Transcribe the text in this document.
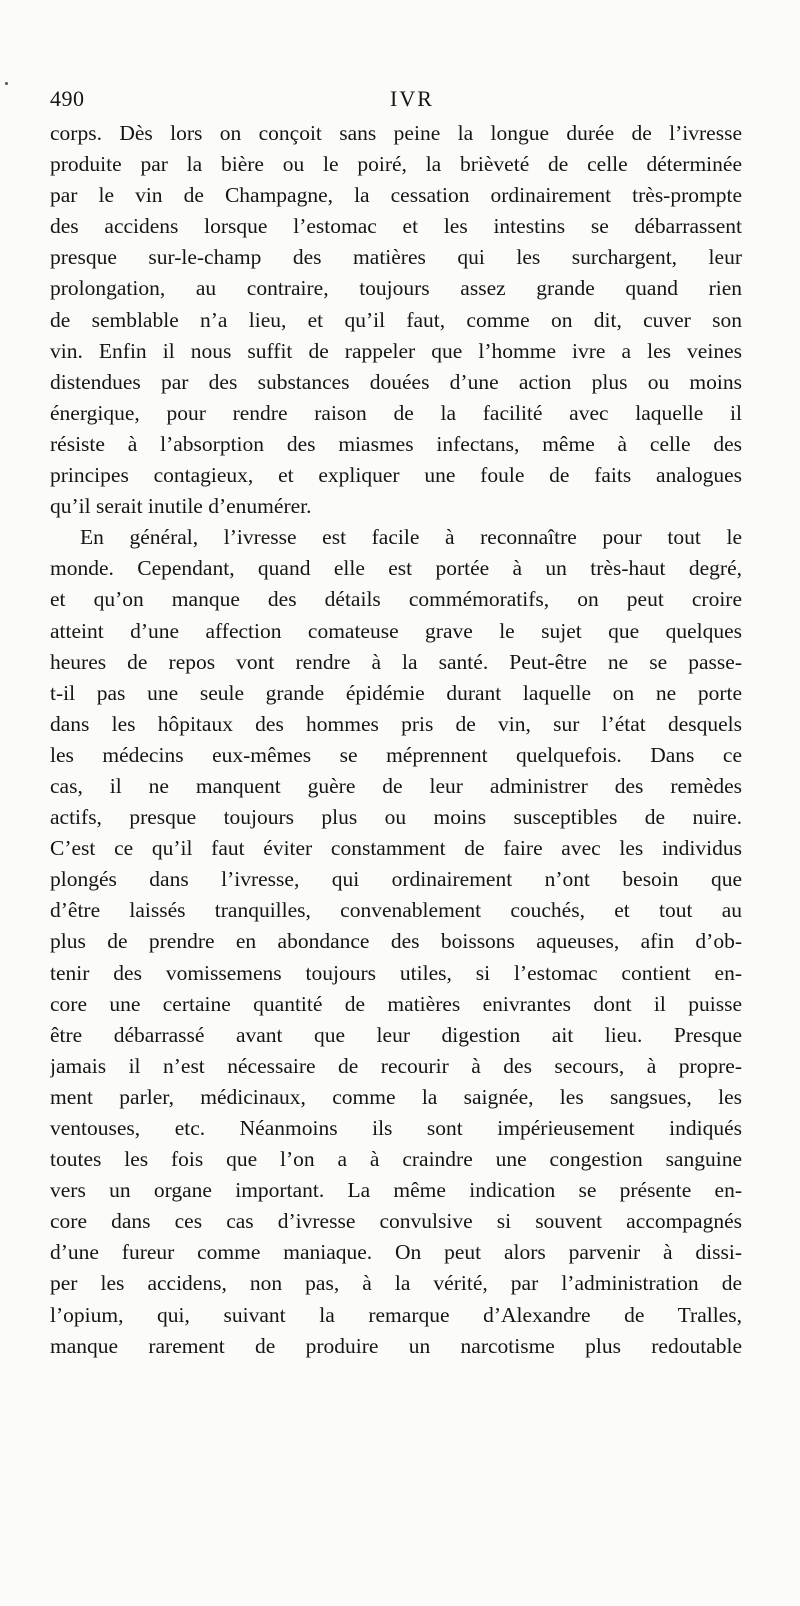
490	IVR
corps. Dès lors on conçoit sans peine la longue durée de l’ivresse
produite par la bière ou le poiré, la brièveté de celle déterminée
par le vin de Champagne, la cessation ordinairement très-prompte
des accidens lorsque l’estomac et les intestins se débarrassent
presque sur-le-champ des matières qui les surchargent, leur
prolongation, au contraire, toujours assez grande quand rien
de semblable n’a lieu, et qu’il faut, comme on dit, cuver son
vin. Enfin il nous suffit de rappeler que l’homme ivre a les veines
distendues par des substances douées d’une action plus ou moins
énergique, pour rendre raison de la facilité avec laquelle il
résiste à l’absorption des miasmes infectans, même à celle des
principes contagieux, et expliquer une foule de faits analogues
qu’il serait inutile d’enumérer.
En général, l’ivresse est facile à reconnaître pour tout le
monde. Cependant, quand elle est portée à un très-haut degré,
et qu’on manque des détails commémoratifs, on peut croire
atteint d’une affection comateuse grave le sujet que quelques
heures de repos vont rendre à la santé. Peut-être ne se passe-
t-il pas une seule grande épidémie durant laquelle on ne porte
dans les hôpitaux des hommes pris de vin, sur l’état desquels
les médecins eux-mêmes se méprennent quelquefois. Dans ce
cas, il ne manquent guère de leur administrer des remèdes
actifs, presque toujours plus ou moins susceptibles de nuire.
C’est ce qu’il faut éviter constamment de faire avec les individus
plongés dans l’ivresse, qui ordinairement n’ont besoin que
d’être laissés tranquilles, convenablement couchés, et tout au
plus de prendre en abondance des boissons aqueuses, afin d’ob-
tenir des vomissemens toujours utiles, si l’estomac contient en-
core une certaine quantité de matières enivrantes dont il puisse
être débarrassé avant que leur digestion ait lieu. Presque
jamais il n’est nécessaire de recourir à des secours, à propre-
ment parler, médicinaux, comme la saignée, les sangsues, les
ventouses, etc. Néanmoins ils sont impérieusement indiqués
toutes les fois que l’on a à craindre une congestion sanguine
vers un organe important. La même indication se présente en-
core dans ces cas d’ivresse convulsive si souvent accompagnés
d’une fureur comme maniaque. On peut alors parvenir à dissi-
per les accidens, non pas, à la vérité, par l’administration de
l’opium, qui, suivant la remarque d’Alexandre de Tralles,
manque rarement de produire un narcotisme plus redoutable
